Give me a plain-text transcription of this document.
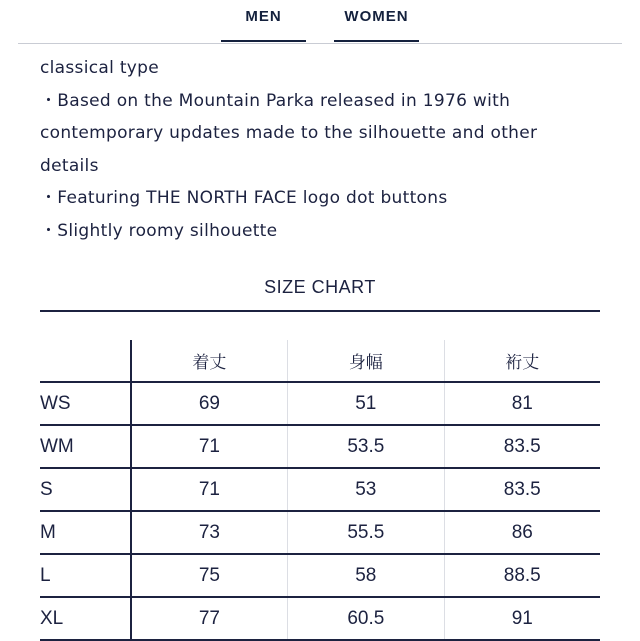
MEN	WOMEN
classical type
・Based on the Mountain Parka released in 1976 with
contemporary updates made to the silhouette and other
details
・Featuring THE NORTH FACE logo dot buttons
・Slightly roomy silhouette
SIZE CHART
	着丈	身幅	裄丈
WS	69	51	81
WM	71	53.5	83.5
S	71	53	83.5
M	73	55.5	86
L	75	58	88.5
XL	77	60.5	91
